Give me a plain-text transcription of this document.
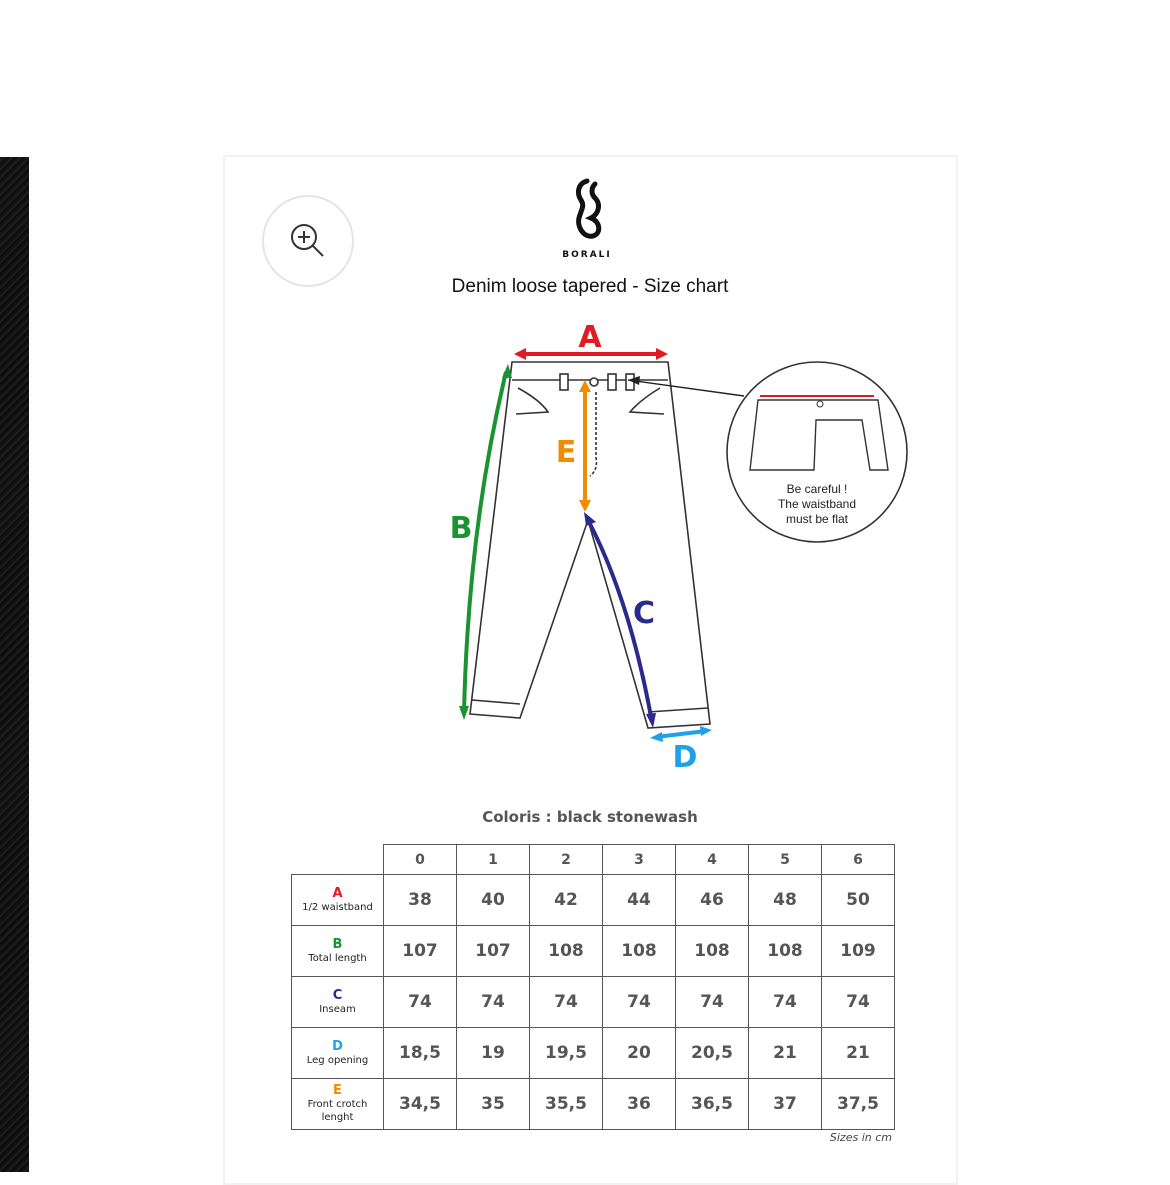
BORALI
Denim loose tapered - Size chart
A
B
C
D
E
Be careful !
The waistband
must be flat
Coloris : black stonewash
	0	1	2	3	4	5	6

A
1/2 waistband	38	40	42	44	46	48	50

B
Total length	107	107	108	108	108	108	109

C
Inseam	74	74	74	74	74	74	74

D
Leg opening	18,5	19	19,5	20	20,5	21	21

E
Front crotch
lenght	34,5	35	35,5	36	36,5	37	37,5
Sizes in cm
